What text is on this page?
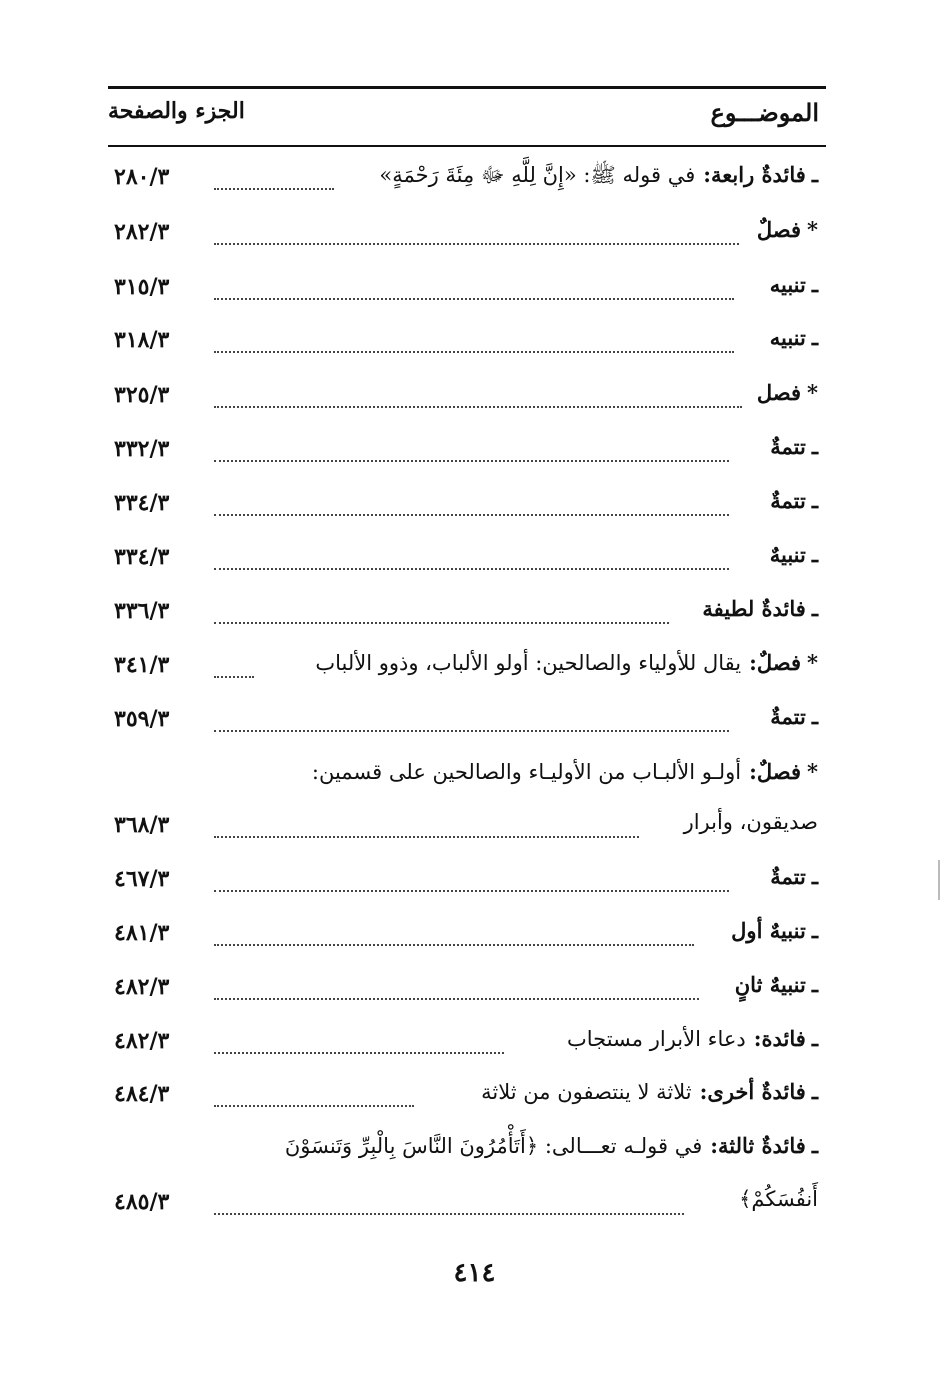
الموضـــوع
الجزء والصفحة
ـ
فائدةٌ رابعة:
في قوله ﷺ: «إِنَّ لِلَّهِ ﷻ مِئَةَ رَحْمَةٍ»
٢٨٠/٣
*
فصلٌ
٢٨٢/٣
ـ
تنبيه
٣١٥/٣
ـ
تنبيه
٣١٨/٣
*
فصل
٣٢٥/٣
ـ
تتمةٌ
٣٣٢/٣
ـ
تتمةٌ
٣٣٤/٣
ـ
تنبيهٌ
٣٣٤/٣
ـ
فائدةٌ لطيفة
٣٣٦/٣
*
فصلٌ:
يقال للأولياء والصالحين: أولو الألباب، وذوو الألباب
٣٤١/٣
ـ
تتمةٌ
٣٥٩/٣
*
فصلٌ:
أولـو الألبـاب من الأوليـاء والصالحين على قسمين:
صديقون، وأبرار
٣٦٨/٣
ـ
تتمةٌ
٤٦٧/٣
ـ
تنبيهٌ أول
٤٨١/٣
ـ
تنبيهٌ ثانٍ
٤٨٢/٣
ـ
فائدة:
دعاء الأبرار مستجاب
٤٨٢/٣
ـ
فائدةٌ أخرى:
ثلاثة لا ينتصفون من ثلاثة
٤٨٤/٣
ـ
فائدةٌ ثالثة:
في قولـه تعـــالى: ﴿أَتَأْمُرُونَ النَّاسَ بِالْبِرِّ وَتَنسَوْنَ
أَنفُسَكُمْ﴾
٤٨٥/٣
٤١٤
